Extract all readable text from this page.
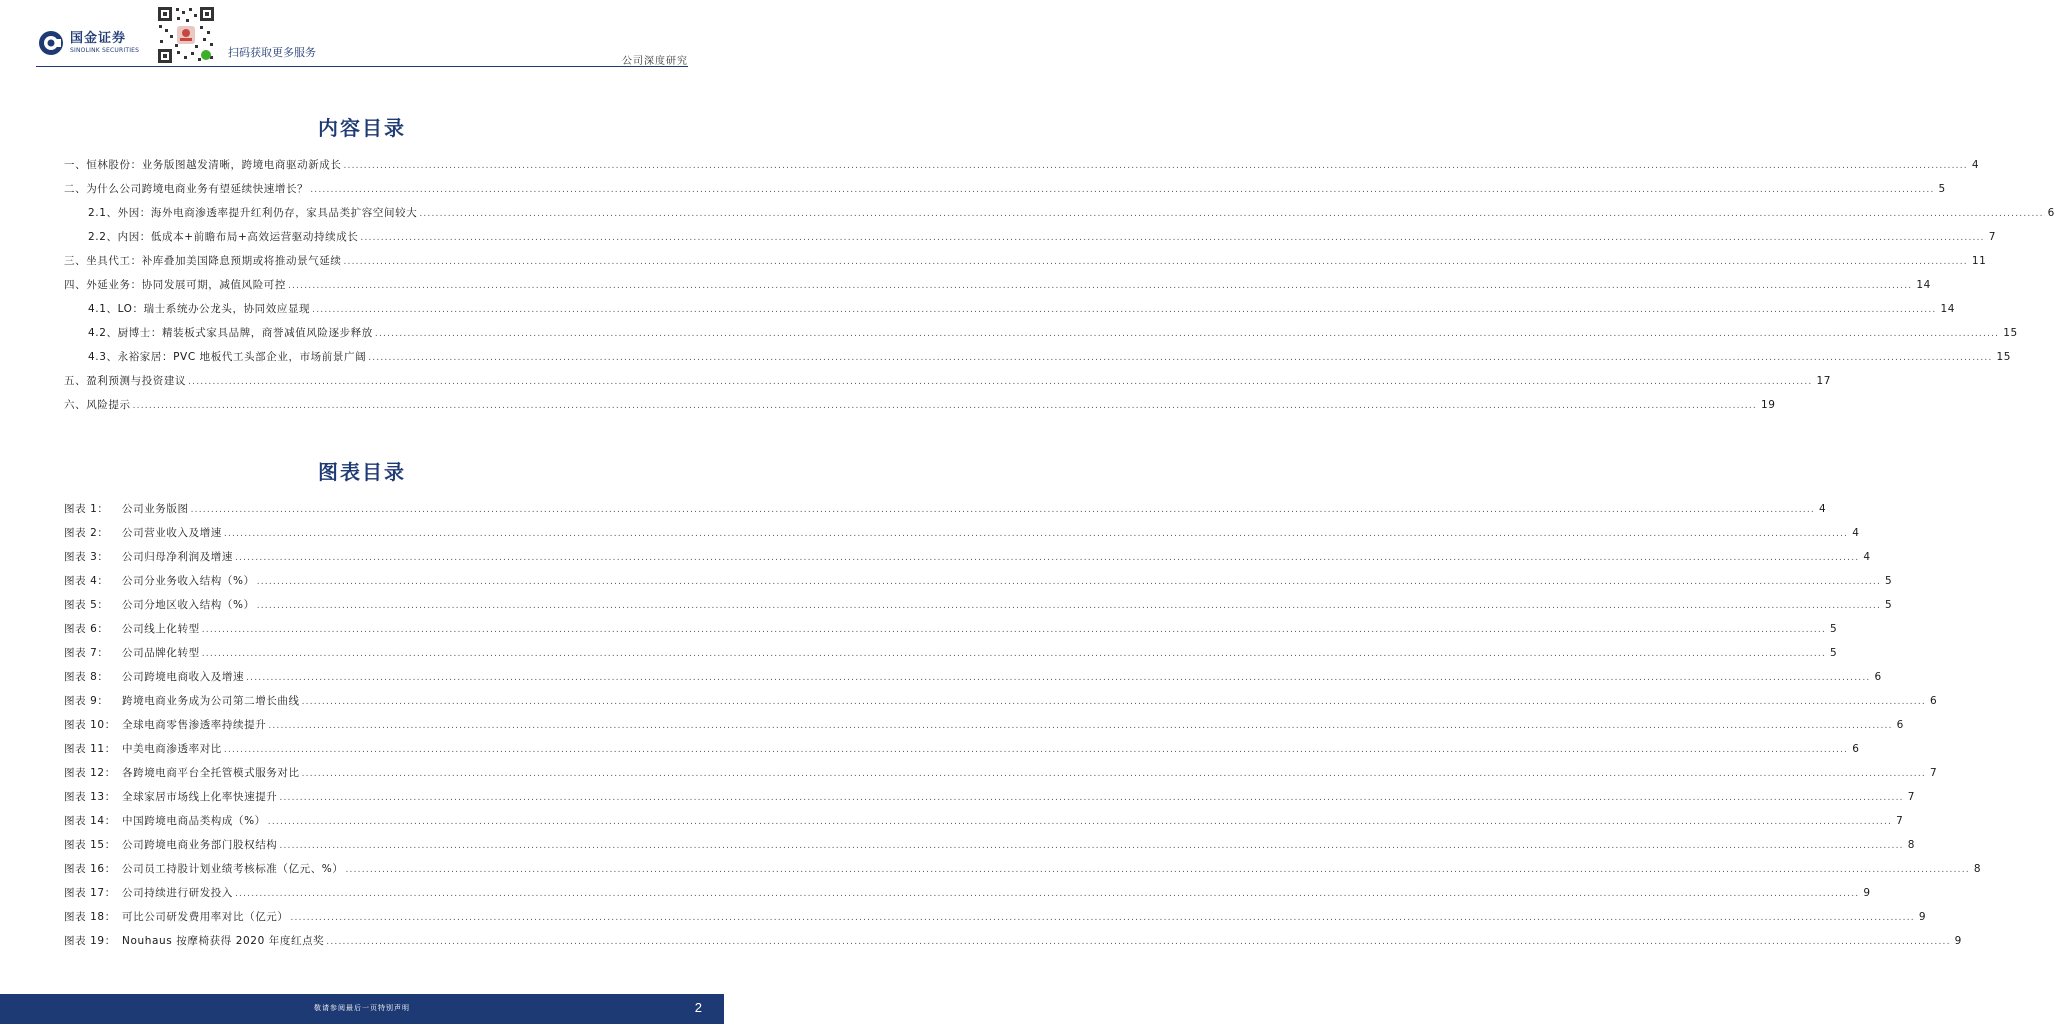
国金证券
SINOLINK SECURITIES	扫码获取更多服务
公司深度研究
内容目录
一、恒林股份：业务版图越发清晰，跨境电商驱动新成长 ................................................................................................................................................................................................................................................................................................................................................................................................................ 4
二、为什么公司跨境电商业务有望延续快速增长？ ................................................................................................................................................................................................................................................................................................................................................................................................................ 5
2.1、外因：海外电商渗透率提升红利仍存，家具品类扩容空间较大 ................................................................................................................................................................................................................................................................................................................................................................................................................ 6
2.2、内因：低成本+前瞻布局+高效运营驱动持续成长 ................................................................................................................................................................................................................................................................................................................................................................................................................ 7
三、坐具代工：补库叠加美国降息预期或将推动景气延续 ................................................................................................................................................................................................................................................................................................................................................................................................................ 11
四、外延业务：协同发展可期，减值风险可控 ................................................................................................................................................................................................................................................................................................................................................................................................................ 14
4.1、LO：瑞士系统办公龙头，协同效应显现 ................................................................................................................................................................................................................................................................................................................................................................................................................ 14
4.2、厨博士：精装板式家具品牌，商誉减值风险逐步释放 ................................................................................................................................................................................................................................................................................................................................................................................................................ 15
4.3、永裕家居：PVC 地板代工头部企业，市场前景广阔 ................................................................................................................................................................................................................................................................................................................................................................................................................ 15
五、盈利预测与投资建议 ................................................................................................................................................................................................................................................................................................................................................................................................................ 17
六、风险提示 ................................................................................................................................................................................................................................................................................................................................................................................................................ 19
图表目录
图表 1： 公司业务版图 ................................................................................................................................................................................................................................................................................................................................................................................................................ 4
图表 2： 公司营业收入及增速 ................................................................................................................................................................................................................................................................................................................................................................................................................ 4
图表 3： 公司归母净利润及增速 ................................................................................................................................................................................................................................................................................................................................................................................................................ 4
图表 4： 公司分业务收入结构（%） ................................................................................................................................................................................................................................................................................................................................................................................................................ 5
图表 5： 公司分地区收入结构（%） ................................................................................................................................................................................................................................................................................................................................................................................................................ 5
图表 6： 公司线上化转型 ................................................................................................................................................................................................................................................................................................................................................................................................................ 5
图表 7： 公司品牌化转型 ................................................................................................................................................................................................................................................................................................................................................................................................................ 5
图表 8： 公司跨境电商收入及增速 ................................................................................................................................................................................................................................................................................................................................................................................................................ 6
图表 9： 跨境电商业务成为公司第二增长曲线 ................................................................................................................................................................................................................................................................................................................................................................................................................ 6
图表 10： 全球电商零售渗透率持续提升 ................................................................................................................................................................................................................................................................................................................................................................................................................ 6
图表 11： 中美电商渗透率对比 ................................................................................................................................................................................................................................................................................................................................................................................................................ 6
图表 12： 各跨境电商平台全托管模式服务对比 ................................................................................................................................................................................................................................................................................................................................................................................................................ 7
图表 13： 全球家居市场线上化率快速提升 ................................................................................................................................................................................................................................................................................................................................................................................................................ 7
图表 14： 中国跨境电商品类构成（%） ................................................................................................................................................................................................................................................................................................................................................................................................................ 7
图表 15： 公司跨境电商业务部门股权结构 ................................................................................................................................................................................................................................................................................................................................................................................................................ 8
图表 16： 公司员工持股计划业绩考核标准（亿元、%） ................................................................................................................................................................................................................................................................................................................................................................................................................ 8
图表 17： 公司持续进行研发投入 ................................................................................................................................................................................................................................................................................................................................................................................................................ 9
图表 18： 可比公司研发费用率对比（亿元） ................................................................................................................................................................................................................................................................................................................................................................................................................ 9
图表 19： Nouhaus 按摩椅获得 2020 年度红点奖 ................................................................................................................................................................................................................................................................................................................................................................................................................ 9
敬请参阅最后一页特别声明	2
